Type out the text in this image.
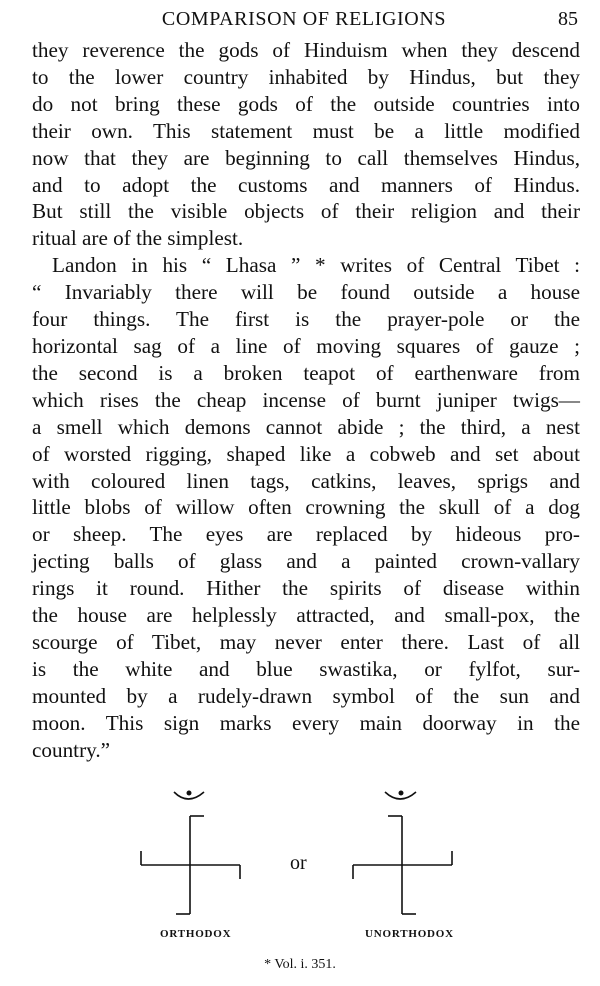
COMPARISON OF RELIGIONS	85
they reverence the gods of Hinduism when they descend
to the lower country inhabited by Hindus, but they
do not bring these gods of the outside countries into
their own. This statement must be a little modified
now that they are beginning to call themselves Hindus,
and to adopt the customs and manners of Hindus.
But still the visible objects of their religion and their
ritual are of the simplest.
Landon in his “ Lhasa ” * writes of Central Tibet :
“ Invariably there will be found outside a house
four things. The first is the prayer-pole or the
horizontal sag of a line of moving squares of gauze ;
the second is a broken teapot of earthenware from
which rises the cheap incense of burnt juniper twigs—
a smell which demons cannot abide ; the third, a nest
of worsted rigging, shaped like a cobweb and set about
with coloured linen tags, catkins, leaves, sprigs and
little blobs of willow often crowning the skull of a dog
or sheep. The eyes are replaced by hideous pro-
jecting balls of glass and a painted crown-vallary
rings it round. Hither the spirits of disease within
the house are helplessly attracted, and small-pox, the
scourge of Tibet, may never enter there. Last of all
is the white and blue swastika, or fylfot, sur-
mounted by a rudely-drawn symbol of the sun and
moon. This sign marks every main doorway in the
country.”
or
ORTHODOX	UNORTHODOX
* Vol. i. 351.
